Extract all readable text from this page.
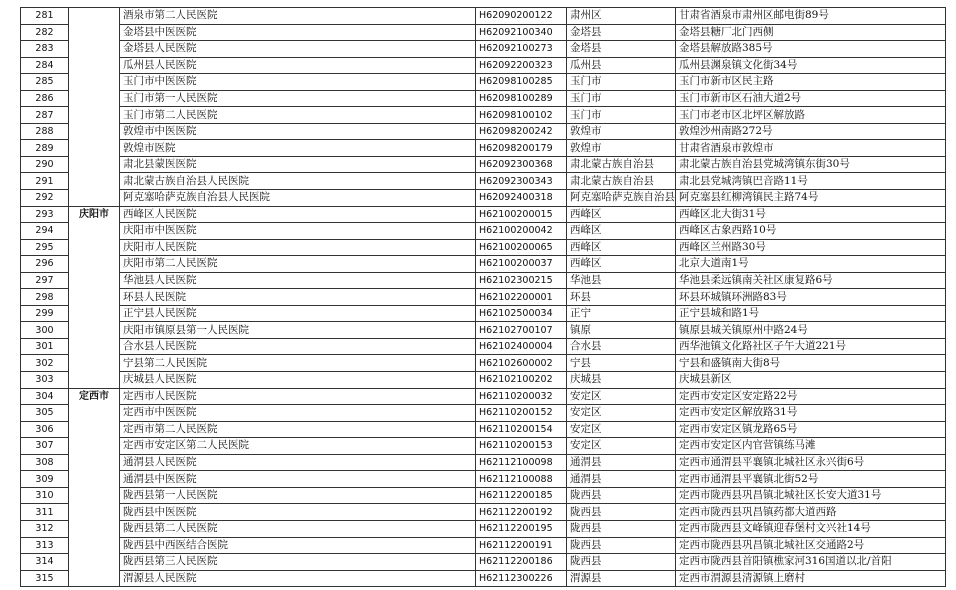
281		酒泉市第二人民医院	H62090200122	肃州区	甘肃省酒泉市肃州区邮电街89号
282		金塔县中医医院	H62092100340	金塔县	金塔县糖厂北门西侧
283		金塔县人民医院	H62092100273	金塔县	金塔县解放路385号
284		瓜州县人民医院	H62092200323	瓜州县	瓜州县渊泉镇文化街34号
285		玉门市中医医院	H62098100285	玉门市	玉门市新市区民主路
286		玉门市第一人民医院	H62098100289	玉门市	玉门市新市区石油大道2号
287		玉门市第二人民医院	H62098100102	玉门市	玉门市老市区北坪区解放路
288		敦煌市中医医院	H62098200242	敦煌市	敦煌沙州南路272号
289		敦煌市医院	H62098200179	敦煌市	甘肃省酒泉市敦煌市
290		肃北县蒙医医院	H62092300368	肃北蒙古族自治县	肃北蒙古族自治县党城湾镇东街30号
291		肃北蒙古族自治县人民医院	H62092300343	肃北蒙古族自治县	肃北县党城湾镇巴音路11号
292		阿克塞哈萨克族自治县人民医院	H62092400318	阿克塞哈萨克族自治县	阿克塞县红柳湾镇民主路74号
293	庆阳市	西峰区人民医院	H62100200015	西峰区	西峰区北大街31号
294		庆阳市中医医院	H62100200042	西峰区	西峰区古象西路10号
295		庆阳市人民医院	H62100200065	西峰区	西峰区兰州路30号
296		庆阳市第二人民医院	H62100200037	西峰区	北京大道南1号
297		华池县人民医院	H62102300215	华池县	华池县柔远镇南关社区康复路6号
298		环县人民医院	H62102200001	环县	环县环城镇环洲路83号
299		正宁县人民医院	H62102500034	正宁	正宁县城和路1号
300		庆阳市镇原县第一人民医院	H62102700107	镇原	镇原县城关镇原州中路24号
301		合水县人民医院	H62102400004	合水县	西华池镇文化路社区子午大道221号
302		宁县第二人民医院	H62102600002	宁县	宁县和盛镇南大街8号
303		庆城县人民医院	H62102100202	庆城县	庆城县新区
304	定西市	定西市人民医院	H62110200032	安定区	定西市安定区安定路22号
305		定西市中医医院	H62110200152	安定区	定西市安定区解放路31号
306		定西市第二人民医院	H62110200154	安定区	定西市安定区镇龙路65号
307		定西市安定区第二人民医院	H62110200153	安定区	定西市安定区内官营镇练马滩
308		通渭县人民医院	H62112100098	通渭县	定西市通渭县平襄镇北城社区永兴街6号
309		通渭县中医医院	H62112100088	通渭县	定西市通渭县平襄镇北街52号
310		陇西县第一人民医院	H62112200185	陇西县	定西市陇西县巩昌镇北城社区长安大道31号
311		陇西县中医医院	H62112200192	陇西县	定西市陇西县巩昌镇药都大道西路
312		陇西县第二人民医院	H62112200195	陇西县	定西市陇西县文峰镇迎春堡村文兴社14号
313		陇西县中西医结合医院	H62112200191	陇西县	定西市陇西县巩昌镇北城社区交通路2号
314		陇西县第三人民医院	H62112200186	陇西县	定西市陇西县首阳镇樵家河316国道以北/首阳
315		渭源县人民医院	H62112300226	渭源县	定西市渭源县清源镇上磨村
